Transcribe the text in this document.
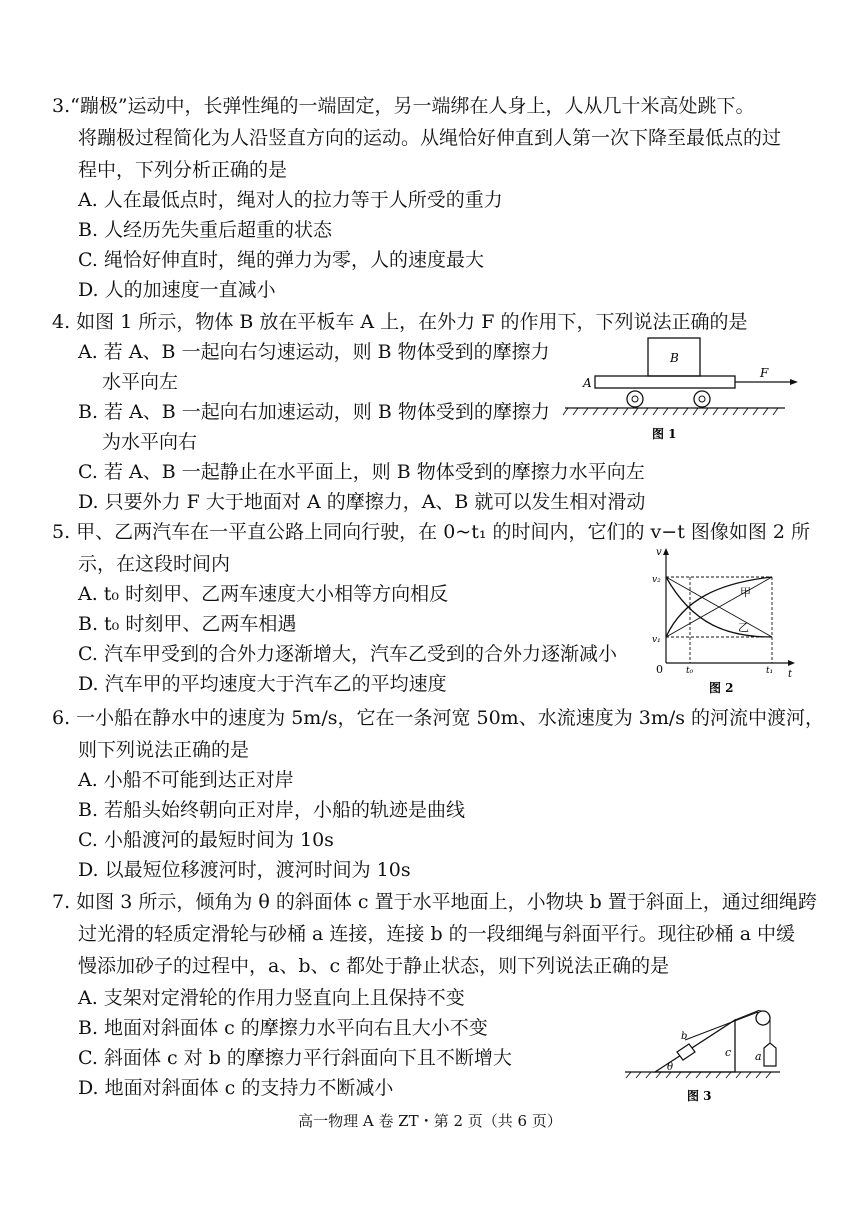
3.“蹦极”运动中，长弹性绳的一端固定，另一端绑在人身上，人从几十米高处跳下。
将蹦极过程简化为人沿竖直方向的运动。从绳恰好伸直到人第一次下降至最低点的过
程中，下列分析正确的是
A. 人在最低点时，绳对人的拉力等于人所受的重力
B. 人经历先失重后超重的状态
C. 绳恰好伸直时，绳的弹力为零，人的速度最大
D. 人的加速度一直减小
4. 如图 1 所示，物体 B 放在平板车 A 上，在外力 F 的作用下，下列说法正确的是
A. 若 A、B 一起向右匀速运动，则 B 物体受到的摩擦力
水平向左
B. 若 A、B 一起向右加速运动，则 B 物体受到的摩擦力
为水平向右
C. 若 A、B 一起静止在水平面上，则 B 物体受到的摩擦力水平向左
D. 只要外力 F 大于地面对 A 的摩擦力，A、B 就可以发生相对滑动
B
A
F
图 1
5. 甲、乙两汽车在一平直公路上同向行驶，在 0~t₁ 的时间内，它们的 v−t 图像如图 2 所
示，在这段时间内
A. t₀ 时刻甲、乙两车速度大小相等方向相反
B. t₀ 时刻甲、乙两车相遇
C. 汽车甲受到的合外力逐渐增大，汽车乙受到的合外力逐渐减小
D. 汽车甲的平均速度大于汽车乙的平均速度
v
t
0
v₂
v₁
t₀	t₁
甲
乙
图 2
6. 一小船在静水中的速度为 5m/s，它在一条河宽 50m、水流速度为 3m/s 的河流中渡河，
则下列说法正确的是
A. 小船不可能到达正对岸
B. 若船头始终朝向正对岸，小船的轨迹是曲线
C. 小船渡河的最短时间为 10s
D. 以最短位移渡河时，渡河时间为 10s
7. 如图 3 所示，倾角为 θ 的斜面体 c 置于水平地面上，小物块 b 置于斜面上，通过细绳跨
过光滑的轻质定滑轮与砂桶 a 连接，连接 b 的一段细绳与斜面平行。现往砂桶 a 中缓
慢添加砂子的过程中，a、b、c 都处于静止状态，则下列说法正确的是
A. 支架对定滑轮的作用力竖直向上且保持不变
B. 地面对斜面体 c 的摩擦力水平向右且大小不变
C. 斜面体 c 对 b 的摩擦力平行斜面向下且不断增大
D. 地面对斜面体 c 的支持力不断减小
b
c a
θ
图 3
高一物理 A 卷 ZT・第 2 页（共 6 页）
